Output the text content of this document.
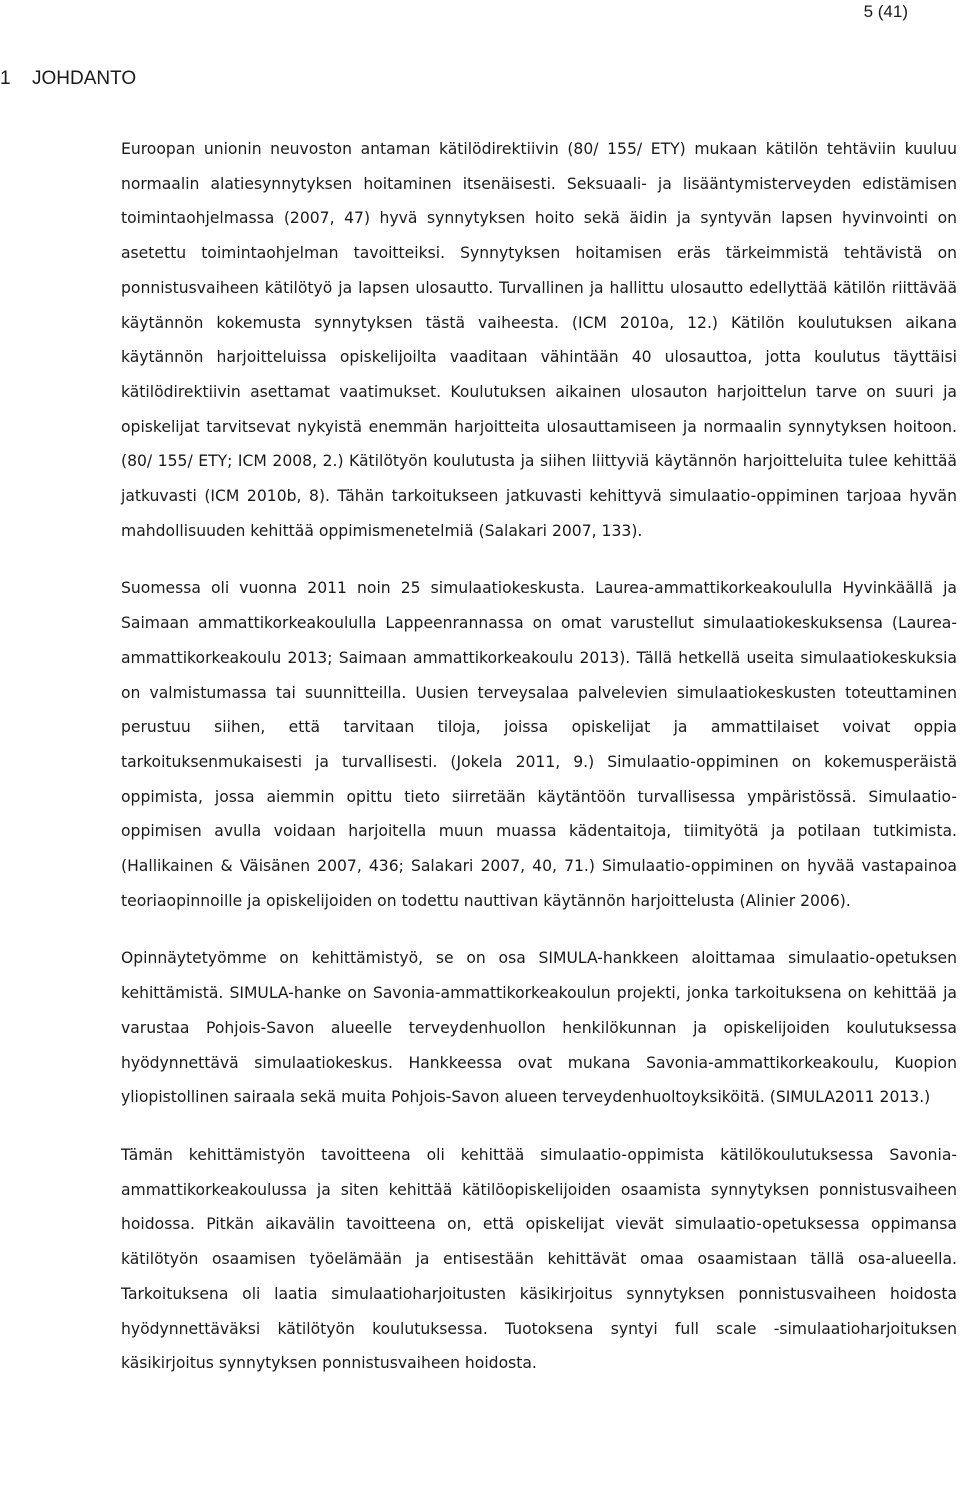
5 (41)
1 JOHDANTO

Euroopan unionin neuvoston antaman kätilödirektiivin (80/ 155/ ETY) mukaan kätilön tehtäviin kuuluu normaalin alatiesynnytyksen hoitaminen itsenäisesti. Seksuaali- ja lisääntymisterveyden edistämisen toimintaohjelmassa (2007, 47) hyvä synnytyksen hoito sekä äidin ja syntyvän lapsen hyvinvointi on asetettu toimintaohjelman tavoitteiksi. Synnytyksen hoitamisen eräs tärkeimmistä tehtävistä on ponnistusvaiheen kätilötyö ja lapsen ulosautto. Turvallinen ja hallittu ulosautto edellyttää kätilön riittävää käytännön kokemusta synnytyksen tästä vaiheesta. (ICM 2010a, 12.) Kätilön koulutuksen aikana käytännön harjoitteluissa opiskelijoilta vaaditaan vähintään 40 ulosauttoa, jotta koulutus täyttäisi kätilödirektiivin asettamat vaatimukset. Koulutuksen aikainen ulosauton harjoittelun tarve on suuri ja opiskelijat tarvitsevat nykyistä enemmän harjoitteita ulosauttamiseen ja normaalin synnytyksen hoitoon. (80/ 155/ ETY; ICM 2008, 2.) Kätilötyön koulutusta ja siihen liittyviä käytännön harjoitteluita tulee kehittää jatkuvasti (ICM 2010b, 8). Tähän tarkoitukseen jatkuvasti kehittyvä simulaatio-oppiminen tarjoaa hyvän mahdollisuuden kehittää oppimismenetelmiä (Salakari 2007, 133).

Suomessa oli vuonna 2011 noin 25 simulaatiokeskusta. Laurea-ammattikorkeakoululla Hyvinkäällä ja Saimaan ammattikorkeakoululla Lappeenrannassa on omat varustellut simulaatiokeskuksensa (Laurea-ammattikorkeakoulu 2013; Saimaan ammattikorkeakoulu 2013). Tällä hetkellä useita simulaatiokeskuksia on valmistumassa tai suunnitteilla. Uusien terveysalaa palvelevien simulaatiokeskusten toteuttaminen perustuu siihen, että tarvitaan tiloja, joissa opiskelijat ja ammattilaiset voivat oppia tarkoituksenmukaisesti ja turvallisesti. (Jokela 2011, 9.) Simulaatio-oppiminen on kokemusperäistä oppimista, jossa aiemmin opittu tieto siirretään käytäntöön turvallisessa ympäristössä. Simulaatio-oppimisen avulla voidaan harjoitella muun muassa kädentaitoja, tiimityötä ja potilaan tutkimista. (Hallikainen & Väisänen 2007, 436; Salakari 2007, 40, 71.) Simulaatio-oppiminen on hyvää vastapainoa teoriaopinnoille ja opiskelijoiden on todettu nauttivan käytännön harjoittelusta (Alinier 2006).

Opinnäytetyömme on kehittämistyö, se on osa SIMULA-hankkeen aloittamaa simulaatio-opetuksen kehittämistä. SIMULA-hanke on Savonia-ammattikorkeakoulun projekti, jonka tarkoituksena on kehittää ja varustaa Pohjois-Savon alueelle terveydenhuollon henkilökunnan ja opiskelijoiden koulutuksessa hyödynnettävä simulaatiokeskus. Hankkeessa ovat mukana Savonia-ammattikorkeakoulu, Kuopion yliopistollinen sairaala sekä muita Pohjois-Savon alueen terveydenhuoltoyksiköitä. (SIMULA2011 2013.)

Tämän kehittämistyön tavoitteena oli kehittää simulaatio-oppimista kätilökoulutuksessa Savonia-ammattikorkeakoulussa ja siten kehittää kätilöopiskelijoiden osaamista synnytyksen ponnistusvaiheen hoidossa. Pitkän aikavälin tavoitteena on, että opiskelijat vievät simulaatio-opetuksessa oppimansa kätilötyön osaamisen työelämään ja entisestään kehittävät omaa osaamistaan tällä osa-alueella. Tarkoituksena oli laatia simulaatioharjoitusten käsikirjoitus synnytyksen ponnistusvaiheen hoidosta hyödynnettäväksi kätilötyön koulutuksessa. Tuotoksena syntyi full scale -simulaatioharjoituksen käsikirjoitus synnytyksen ponnistusvaiheen hoidosta.
